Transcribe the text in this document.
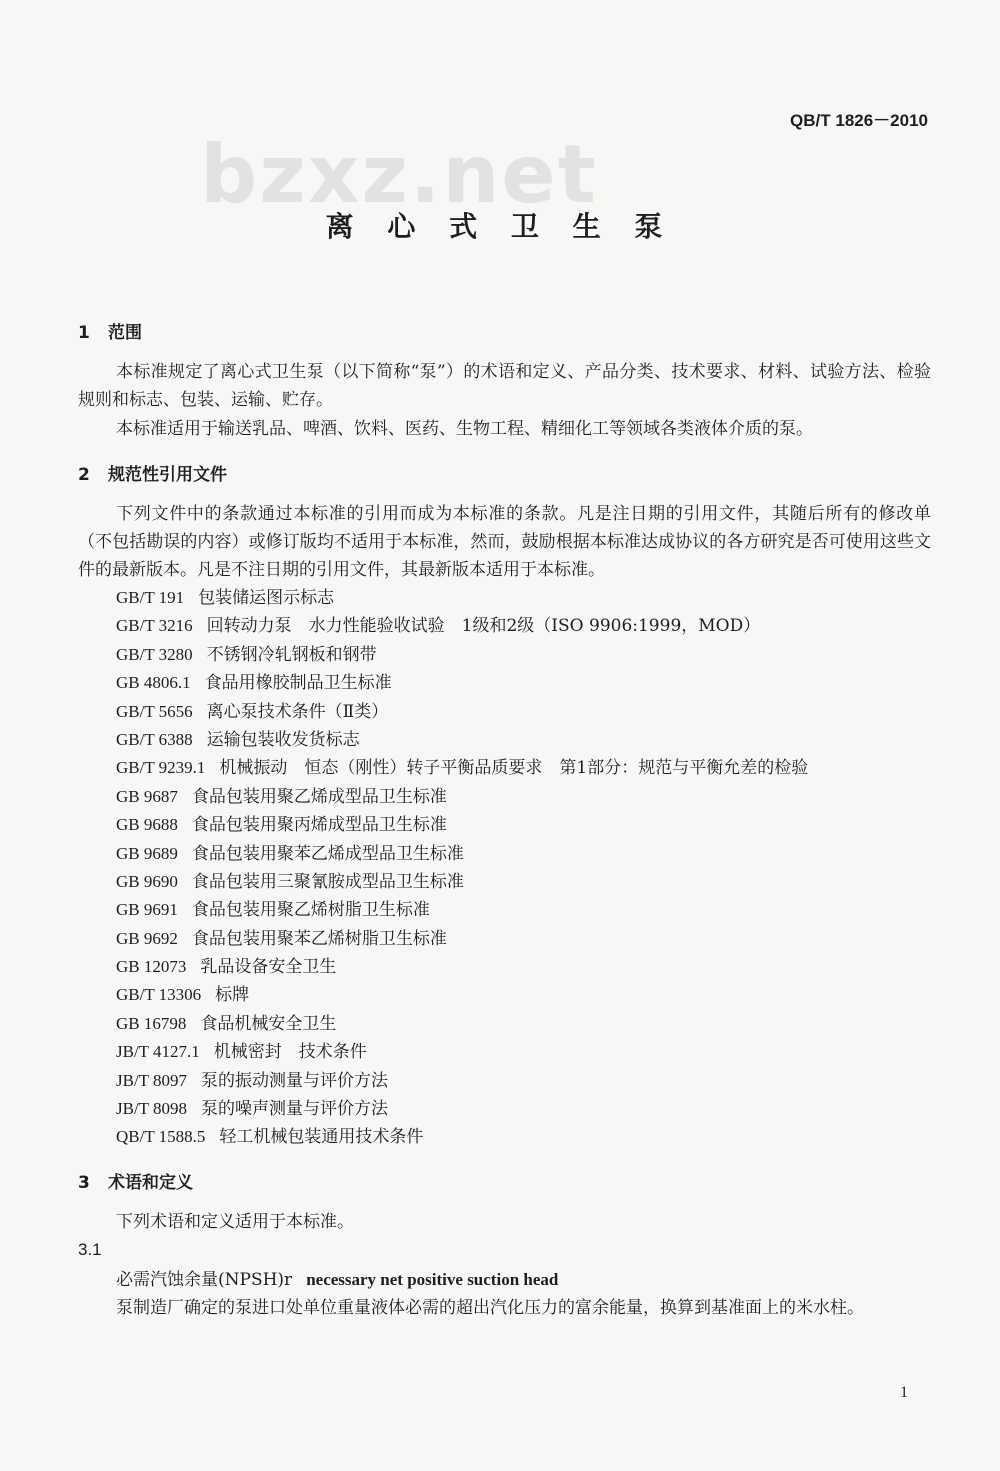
bzxz.net
QB/T 1826－2010
离 心 式 卫 生 泵
1 范围

本标准规定了离心式卫生泵（以下简称“泵”）的术语和定义、产品分类、技术要求、材料、试验方法、检验规则和标志、包装、运输、贮存。

本标准适用于输送乳品、啤酒、饮料、医药、生物工程、精细化工等领域各类液体介质的泵。

2 规范性引用文件

下列文件中的条款通过本标准的引用而成为本标准的条款。凡是注日期的引用文件，其随后所有的修改单（不包括勘误的内容）或修订版均不适用于本标准，然而，鼓励根据本标准达成协议的各方研究是否可使用这些文件的最新版本。凡是不注日期的引用文件，其最新版本适用于本标准。

GB/T 191 包装储运图示标志
GB/T 3216 回转动力泵　水力性能验收试验　1级和2级（ISO 9906:1999，MOD）
GB/T 3280 不锈钢冷轧钢板和钢带
GB 4806.1 食品用橡胶制品卫生标准
GB/T 5656 离心泵技术条件（Ⅱ类）
GB/T 6388 运输包装收发货标志
GB/T 9239.1 机械振动　恒态（刚性）转子平衡品质要求　第1部分：规范与平衡允差的检验
GB 9687 食品包装用聚乙烯成型品卫生标准
GB 9688 食品包装用聚丙烯成型品卫生标准
GB 9689 食品包装用聚苯乙烯成型品卫生标准
GB 9690 食品包装用三聚氰胺成型品卫生标准
GB 9691 食品包装用聚乙烯树脂卫生标准
GB 9692 食品包装用聚苯乙烯树脂卫生标准
GB 12073 乳品设备安全卫生
GB/T 13306 标牌
GB 16798 食品机械安全卫生
JB/T 4127.1 机械密封　技术条件
JB/T 8097 泵的振动测量与评价方法
JB/T 8098 泵的噪声测量与评价方法
QB/T 1588.5 轻工机械包装通用技术条件
3 术语和定义
下列术语和定义适用于本标准。
3.1
必需汽蚀余量(NPSH)r necessary net positive suction head

泵制造厂确定的泵进口处单位重量液体必需的超出汽化压力的富余能量，换算到基准面上的米水柱。

1
